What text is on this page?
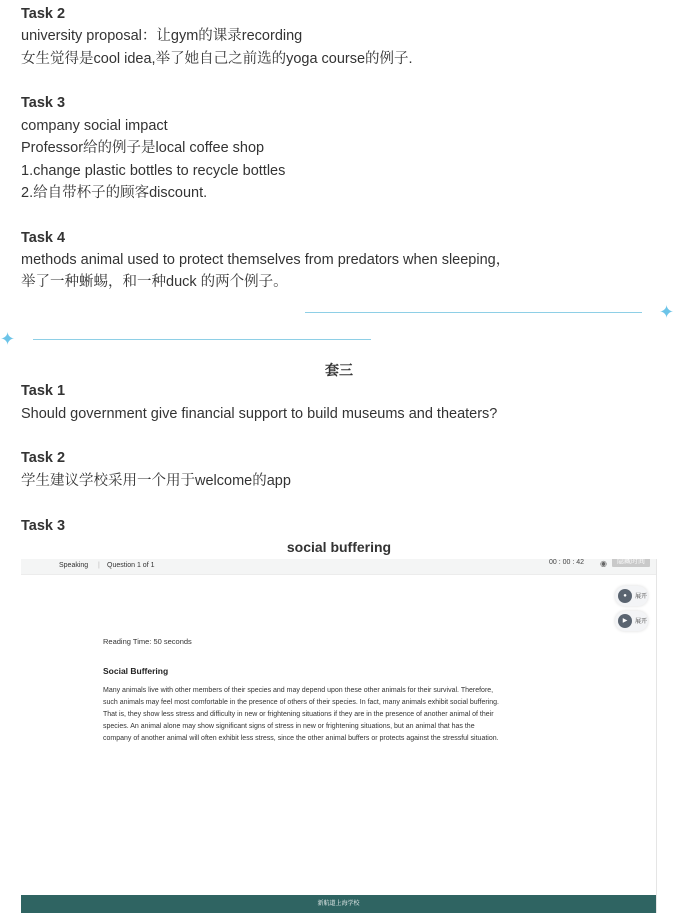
Task 2
university proposal：让gym的课录recording
女生觉得是cool idea,举了她自己之前选的yoga course的例子.
Task 3
company social impact
Professor给的例子是local coffee shop
1.change plastic bottles to recycle bottles
2.给自带杯子的顾客discount.
Task 4
methods animal used to protect themselves from predators when sleeping，
举了一种蜥蜴，和一种duck 的两个例子。
✦
✦
套三
Task 1
Should government give financial support to build museums and theaters?
Task 2
学生建议学校采用一个用于welcome的app
Task 3
social buffering
Speaking | Question 1 of 1	00 : 00 : 42 ◉	隐藏时间
●	展开
▶	展开
Reading Time: 50 seconds
Social Buffering
Many animals live with other members of their species and may depend upon these other animals for their survival. Therefore,
such animals may feel most comfortable in the presence of others of their species. In fact, many animals exhibit social buffering.
That is, they show less stress and difficulty in new or frightening situations if they are in the presence of another animal of their
species. An animal alone may show significant signs of stress in new or frightening situations, but an animal that has the
company of another animal will often exhibit less stress, since the other animal buffers or protects against the stressful situation.
新航道上海学校
